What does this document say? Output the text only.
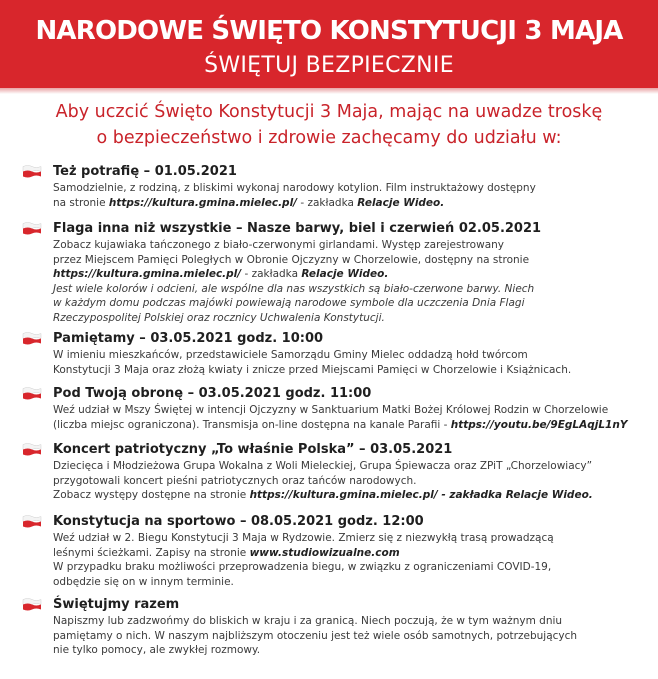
NARODOWE ŚWIĘTO KONSTYTUCJI 3 MAJA
ŚWIĘTUJ BEZPIECZNIE
Aby uczcić Święto Konstytucji 3 Maja, mając na uwadze troskę
o bezpieczeństwo i zdrowie zachęcamy do udziału w:
Też potrafię – 01.05.2021
Samodzielnie, z rodziną, z bliskimi wykonaj narodowy kotylion. Film instruktażowy dostępny
na stronie https://kultura.gmina.mielec.pl/ - zakładka Relacje Wideo.
Flaga inna niż wszystkie – Nasze barwy, biel i czerwień 02.05.2021
Zobacz kujawiaka tańczonego z biało-czerwonymi girlandami. Występ zarejestrowany
przez Miejscem Pamięci Poległych w Obronie Ojczyzny w Chorzelowie, dostępny na stronie
https://kultura.gmina.mielec.pl/ - zakładka Relacje Wideo.
Jest wiele kolorów i odcieni, ale wspólne dla nas wszystkich są biało-czerwone barwy. Niech
w każdym domu podczas majówki powiewają narodowe symbole dla uczczenia Dnia Flagi
Rzeczypospolitej Polskiej oraz rocznicy Uchwalenia Konstytucji.
Pamiętamy – 03.05.2021 godz. 10:00
W imieniu mieszkańców, przedstawiciele Samorządu Gminy Mielec oddadzą hołd twórcom
Konstytucji 3 Maja oraz złożą kwiaty i znicze przed Miejscami Pamięci w Chorzelowie i Książnicach.
Pod Twoją obronę – 03.05.2021 godz. 11:00
Weź udział w Mszy Świętej w intencji Ojczyzny w Sanktuarium Matki Bożej Królowej Rodzin w Chorzelowie
(liczba miejsc ograniczona). Transmisja on-line dostępna na kanale Parafii - https://youtu.be/9EgLAqjL1nY
Koncert patriotyczny „To właśnie Polska” – 03.05.2021
Dziecięca i Młodzieżowa Grupa Wokalna z Woli Mieleckiej, Grupa Śpiewacza oraz ZPiT „Chorzelowiacy”
przygotowali koncert pieśni patriotycznych oraz tańców narodowych.
Zobacz występy dostępne na stronie https://kultura.gmina.mielec.pl/ - zakładka Relacje Wideo.
Konstytucja na sportowo – 08.05.2021 godz. 12:00
Weź udział w 2. Biegu Konstytucji 3 Maja w Rydzowie. Zmierz się z niezwykłą trasą prowadzącą
leśnymi ścieżkami. Zapisy na stronie www.studiowizualne.com
W przypadku braku możliwości przeprowadzenia biegu, w związku z ograniczeniami COVID-19,
odbędzie się on w innym terminie.
Świętujmy razem
Napiszmy lub zadzwońmy do bliskich w kraju i za granicą. Niech poczują, że w tym ważnym dniu
pamiętamy o nich. W naszym najbliższym otoczeniu jest też wiele osób samotnych, potrzebujących
nie tylko pomocy, ale zwykłej rozmowy.
